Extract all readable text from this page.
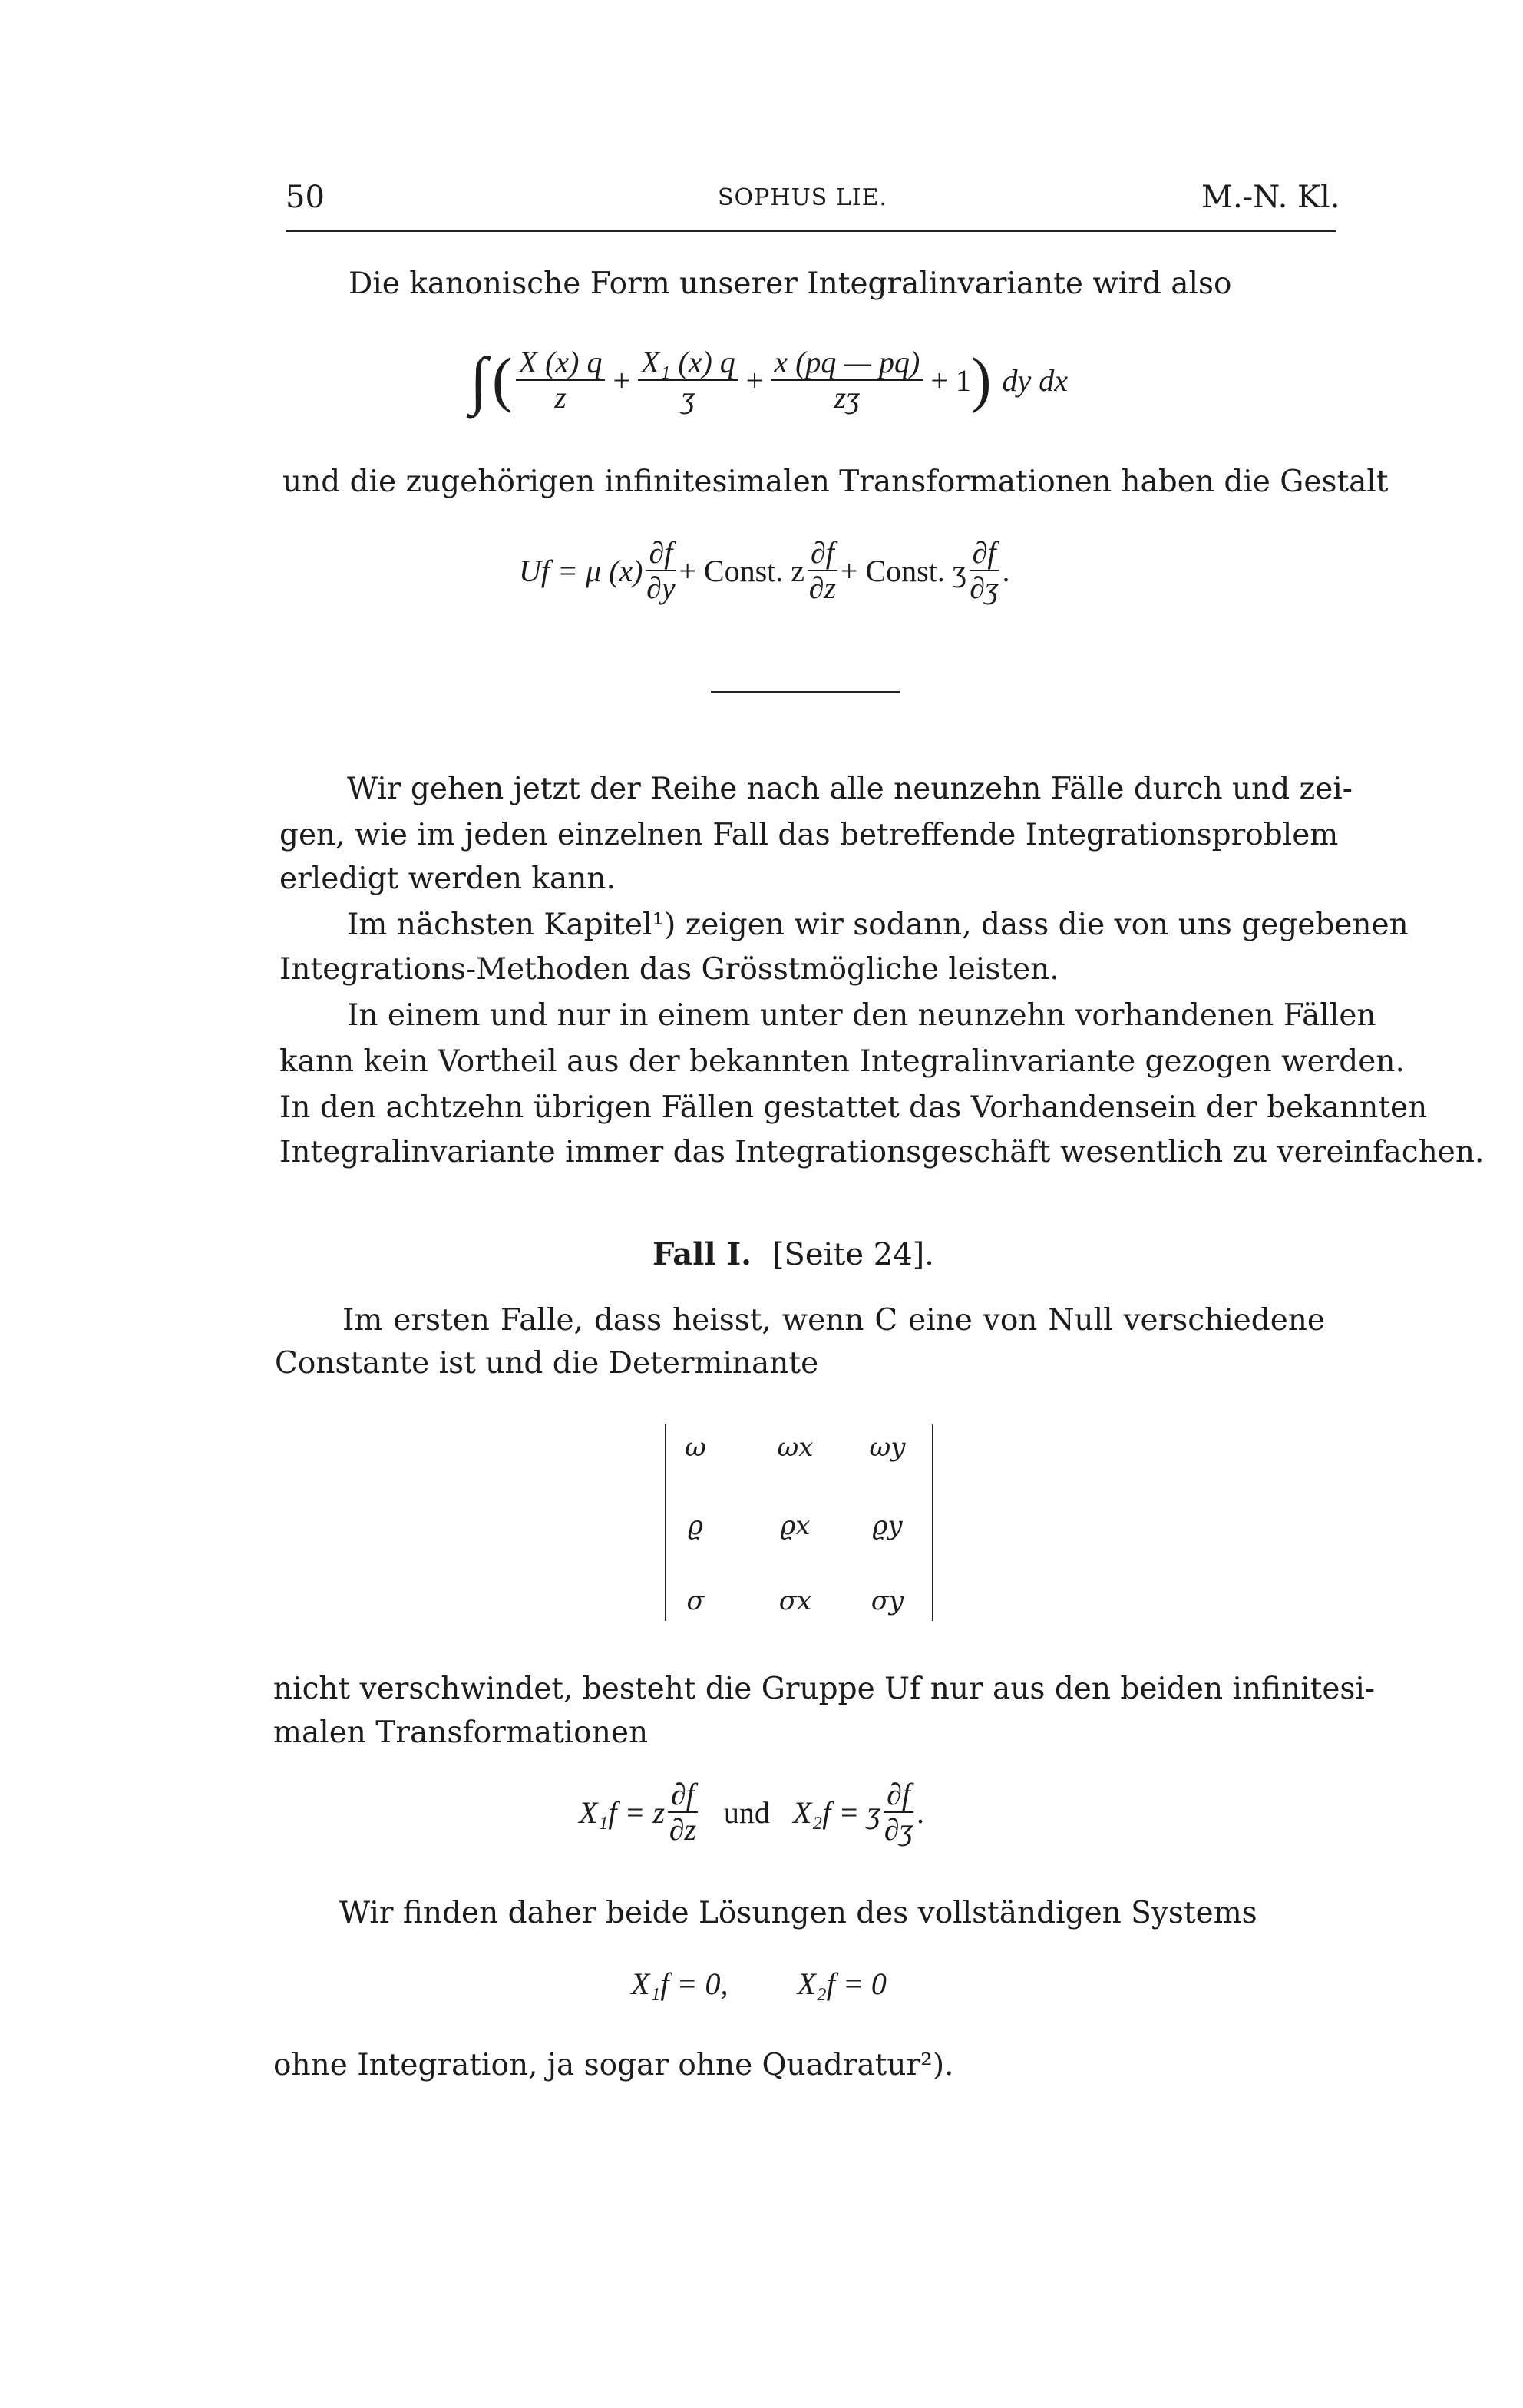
50	SOPHUS LIE.	M.-N. Kl.
Die kanonische Form unserer Integralinvariante wird also
∫ ( $\frac{X (x) q}{z} + \frac{\text{X₁ (x) q}}{\text{ʒ}} + \frac{x (pq — pq)}{\text{zʒ}} + 1$ ) dy dx
und die zugehörigen infinitesimalen Transformationen haben die Gestalt
Uf = μ $(x) \frac{\partial f}{\partial y}$ + Const. z $\frac{\partial f}{\partial z}$ + Const. ʒ $\frac{\partial f}{\text{∂ʒ}}$ .
Wir gehen jetzt der Reihe nach alle neunzehn Fälle durch und zei-
gen, wie im jeden einzelnen Fall das betreffende Integrationsproblem
erledigt werden kann.
Im nächsten Kapitel¹) zeigen wir sodann, dass die von uns gegebenen
Integrations-Methoden das Grösstmögliche leisten.
In einem und nur in einem unter den neunzehn vorhandenen Fällen
kann kein Vortheil aus der bekannten Integralinvariante gezogen werden.
In den achtzehn übrigen Fällen gestattet das Vorhandensein der bekannten
Integralinvariante immer das Integrationsgeschäft wesentlich zu vereinfachen.
Fall I. [Seite 24].
Im ersten Falle, dass heisst, wenn C eine von Null verschiedene
Constante ist und die Determinante
ω	ωx	ωy
ϱ	ϱx	ϱy
σ	σx	σy
nicht verschwindet, besteht die Gruppe Uf nur aus den beiden infinitesi-
malen Transformationen
X₁f = z $\frac{\partial f}{\partial z}$ und X₂f = ʒ $\frac{\partial f}{\text{∂ʒ}}$ .
Wir finden daher beide Lösungen des vollständigen Systems
X₁f = 0, X₂f = 0
ohne Integration, ja sogar ohne Quadratur²).
